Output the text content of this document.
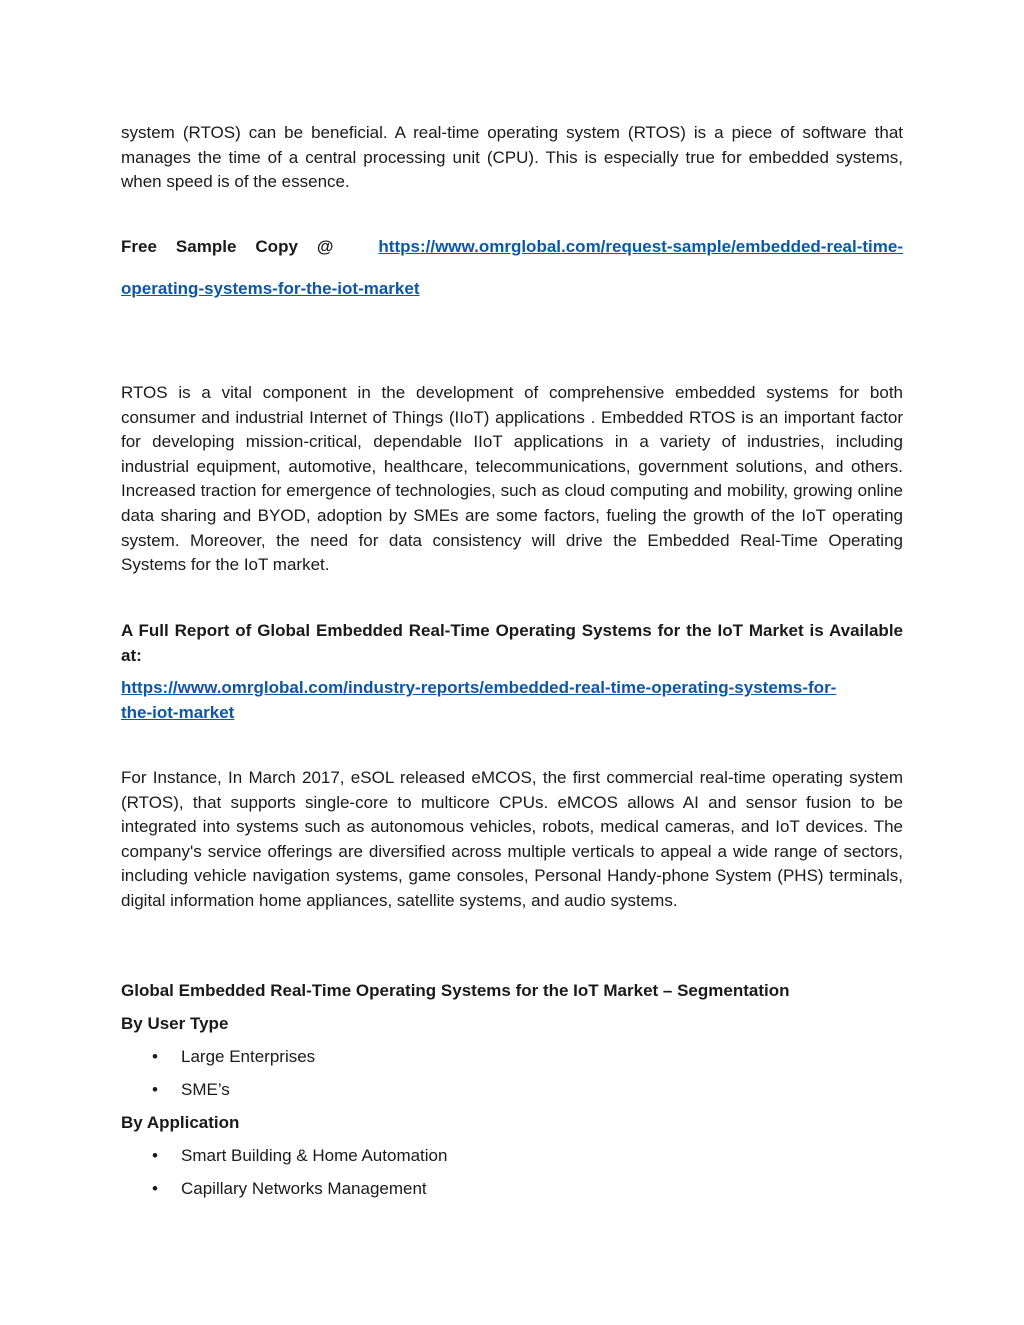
system (RTOS) can be beneficial. A real-time operating system (RTOS) is a piece of software that manages the time of a central processing unit (CPU). This is especially true for embedded systems, when speed is of the essence.

Free Sample Copy @	https://www.omrglobal.com/request-sample/embedded-real-time-
operating-systems-for-the-iot-market

RTOS is a vital component in the development of comprehensive embedded systems for both consumer and industrial Internet of Things (IIoT) applications . Embedded RTOS is an important factor for developing mission-critical, dependable IIoT applications in a variety of industries, including industrial equipment, automotive, healthcare, telecommunications, government solutions, and others. Increased traction for emergence of technologies, such as cloud computing and mobility, growing online data sharing and BYOD, adoption by SMEs are some factors, fueling the growth of the IoT operating system. Moreover, the need for data consistency will drive the Embedded Real-Time Operating Systems for the IoT market.

A Full Report of Global Embedded Real-Time Operating Systems for the IoT Market is Available at:

https://www.omrglobal.com/industry-reports/embedded-real-time-operating-systems-for-
the-iot-market

For Instance, In March 2017, eSOL released eMCOS, the first commercial real-time operating system (RTOS), that supports single-core to multicore CPUs. eMCOS allows AI and sensor fusion to be integrated into systems such as autonomous vehicles, robots, medical cameras, and IoT devices. The company's service offerings are diversified across multiple verticals to appeal a wide range of sectors, including vehicle navigation systems, game consoles, Personal Handy-phone System (PHS) terminals, digital information home appliances, satellite systems, and audio systems.

Global Embedded Real-Time Operating Systems for the IoT Market – Segmentation

By User Type

• Large Enterprises
• SME’s

By Application

• Smart Building & Home Automation
• Capillary Networks Management
